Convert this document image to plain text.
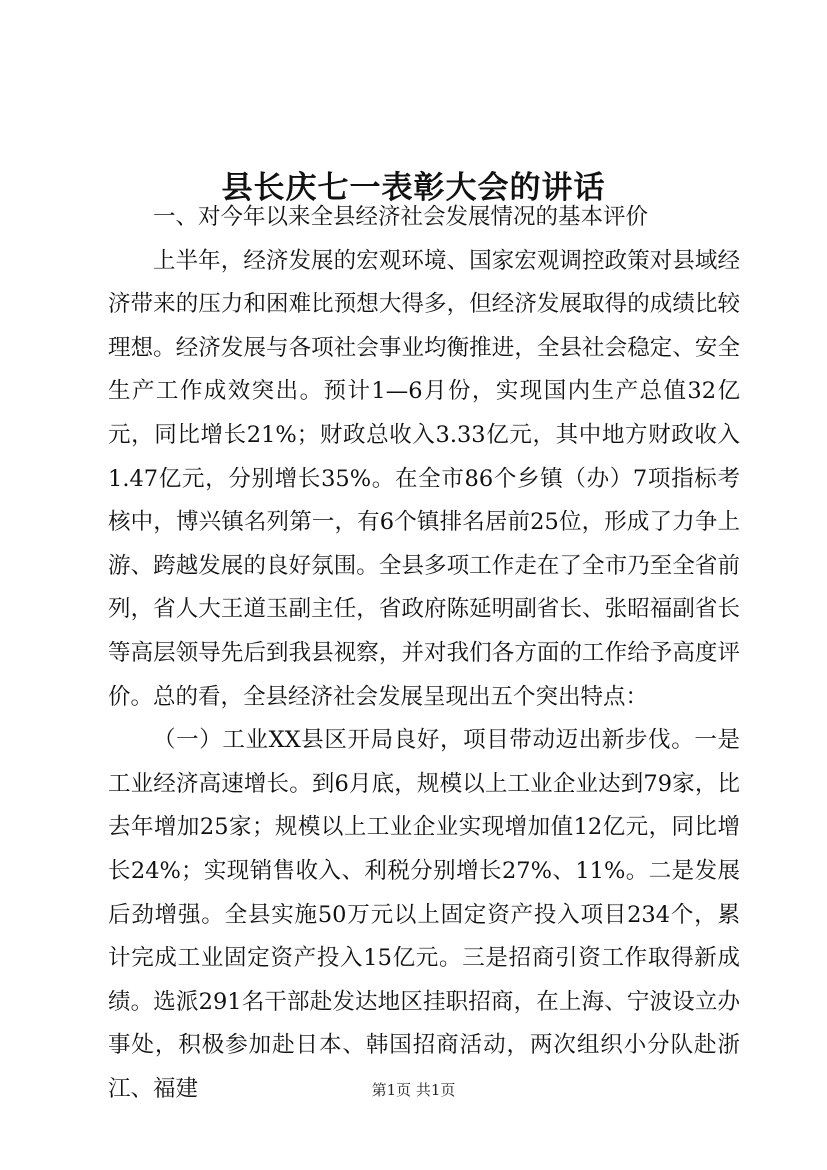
县长庆七一表彰大会的讲话

一、对今年以来全县经济社会发展情况的基本评价

上半年，经济发展的宏观环境、国家宏观调控政策对县域经济带来的压力和困难比预想大得多，但经济发展取得的成绩比较理想。经济发展与各项社会事业均衡推进，全县社会稳定、安全生产工作成效突出。预计1—6月份，实现国内生产总值32亿元，同比增长21%；财政总收入3.33亿元，其中地方财政收入1.47亿元，分别增长35%。在全市86个乡镇（办）7项指标考核中，博兴镇名列第一，有6个镇排名居前25位，形成了力争上游、跨越发展的良好氛围。全县多项工作走在了全市乃至全省前列，省人大王道玉副主任，省政府陈延明副省长、张昭福副省长等高层领导先后到我县视察，并对我们各方面的工作给予高度评价。总的看，全县经济社会发展呈现出五个突出特点：

（一）工业XX县区开局良好，项目带动迈出新步伐。一是工业经济高速增长。到6月底，规模以上工业企业达到79家，比去年增加25家；规模以上工业企业实现增加值12亿元，同比增长24%；实现销售收入、利税分别增长27%、11%。二是发展后劲增强。全县实施50万元以上固定资产投入项目234个，累计完成工业固定资产投入15亿元。三是招商引资工作取得新成绩。选派291名干部赴发达地区挂职招商，在上海、宁波设立办事处，积极参加赴日本、韩国招商活动，两次组织小分队赴浙江、福建	第1页 共1页
